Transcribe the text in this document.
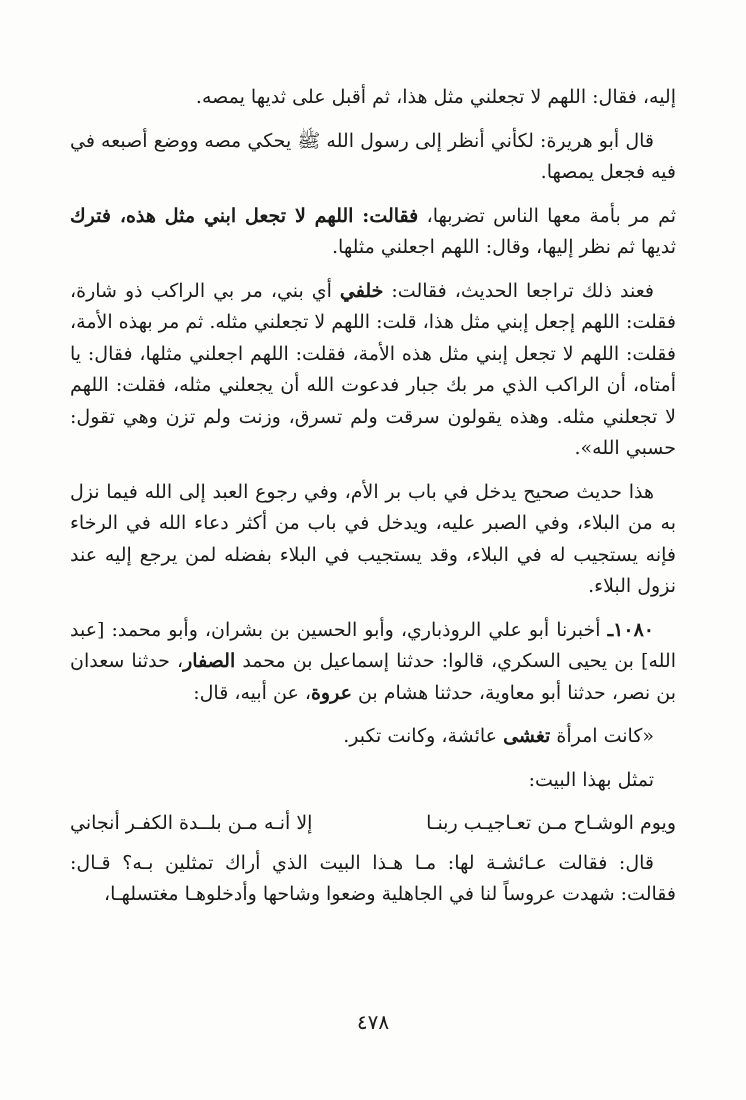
إليه، فقال: اللهم لا تجعلني مثل هذا، ثم أقبل على ثديها يمصه.

قال أبو هريرة: لكأني أنظر إلى رسول الله ﷺ يحكي مصه ووضع أصبعه في فيه فجعل يمصها.

ثم مر بأمة معها الناس تضربها، فقالت: اللهم لا تجعل ابني مثل هذه، فترك ثديها ثم نظر إليها، وقال: اللهم اجعلني مثلها.

فعند ذلك تراجعا الحديث، فقالت: خلفي أي بني، مر بي الراكب ذو شارة، فقلت: اللهم إجعل إبني مثل هذا، قلت: اللهم لا تجعلني مثله. ثم مر بهذه الأمة، فقلت: اللهم لا تجعل إبني مثل هذه الأمة، فقلت: اللهم اجعلني مثلها، فقال: يا أمتاه، أن الراكب الذي مر بك جبار فدعوت الله أن يجعلني مثله، فقلت: اللهم لا تجعلني مثله. وهذه يقولون سرقت ولم تسرق، وزنت ولم تزن وهي تقول: حسبي الله».

هذا حديث صحيح يدخل في باب بر الأم، وفي رجوع العبد إلى الله فيما نزل به من البلاء، وفي الصبر عليه، ويدخل في باب من أكثر دعاء الله في الرخاء فإنه يستجيب له في البلاء، وقد يستجيب في البلاء بفضله لمن يرجع إليه عند نزول البلاء.

١٠٨٠ـ أخبرنا أبو علي الروذباري، وأبو الحسين بن بشران، وأبو محمد: [عبد الله] بن يحيى السكري، قالوا: حدثنا إسماعيل بن محمد الصفار، حدثنا سعدان بن نصر، حدثنا أبو معاوية، حدثنا هشام بن عروة، عن أبيه، قال:

«كانت امرأة تغشى عائشة، وكانت تكبر.

تمثل بهذا البيت:

ويوم الوشـاح مـن تعـاجيـب ربنـا
إلا أنـه مـن بلــدة الكفـر أنجاني

قال: فقالت عـائشـة لها: مـا هـذا البيت الذي أراك تمثلين بـه؟ قـال: فقالت: شهدت عروساً لنا في الجاهلية وضعوا وشاحها وأدخلوهـا مغتسلهـا،

٤٧٨
